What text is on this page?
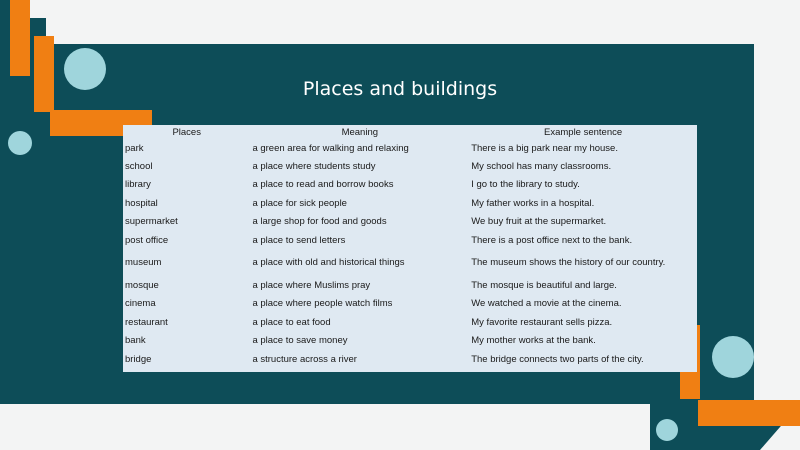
Places and buildings
Places	Meaning	Example sentence
park	a green area for walking and relaxing	There is a big park near my house.
school	a place where students study	My school has many classrooms.
library	a place to read and borrow books	I go to the library to study.
hospital	a place for sick people	My father works in a hospital.
supermarket	a large shop for food and goods	We buy fruit at the supermarket.
post office	a place to send letters	There is a post office next to the bank.
museum	a place with old and historical things	The museum shows the history of our country.
mosque	a place where Muslims pray	The mosque is beautiful and large.
cinema	a place where people watch films	We watched a movie at the cinema.
restaurant	a place to eat food	My favorite restaurant sells pizza.
bank	a place to save money	My mother works at the bank.
bridge	a structure across a river	The bridge connects two parts of the city.
